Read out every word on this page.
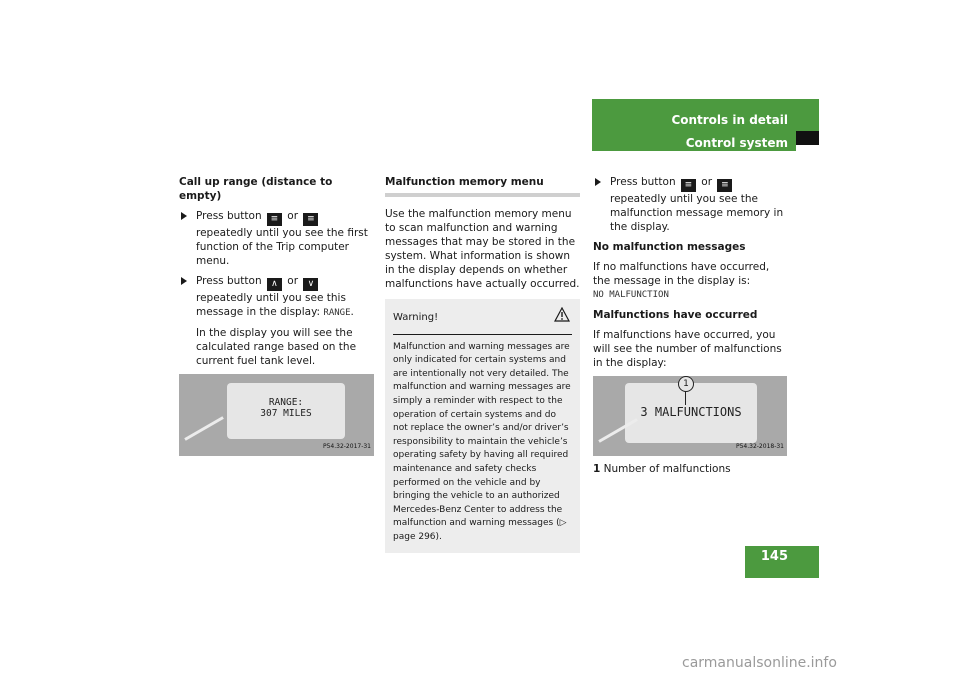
Controls in detail
Control system
Call up range (distance to empty)
Press button ≡ or ≡ repeatedly until you see the first function of the Trip computer menu.
Press button ∧ or ∨ repeatedly until you see this message in the display: RANGE.
In the display you will see the calculated range based on the current fuel tank level.
RANGE:
307 MILES
P54.32-2017-31
Malfunction memory menu
Use the malfunction memory menu to scan malfunction and warning messages that may be stored in the system. What information is shown in the display depends on whether malfunctions have actually occurred.
Warning!
Malfunction and warning messages are only indicated for certain systems and are intentionally not very detailed. The malfunction and warning messages are simply a reminder with respect to the operation of certain systems and do not replace the owner’s and/or driver’s responsibility to maintain the vehicle’s operating safety by having all required maintenance and safety checks performed on the vehicle and by bringing the vehicle to an authorized Mercedes-Benz Center to address the malfunction and warning messages (▷ page 296).
Press button ≡ or ≡ repeatedly until you see the malfunction message memory in the display.
No malfunction messages
If no malfunctions have occurred, the message in the display is:
NO MALFUNCTION
Malfunctions have occurred
If malfunctions have occurred, you will see the number of malfunctions in the display:
3 MALFUNCTIONS
1
P54.32-2018-31
1 Number of malfunctions
145
carmanualsonline.info
